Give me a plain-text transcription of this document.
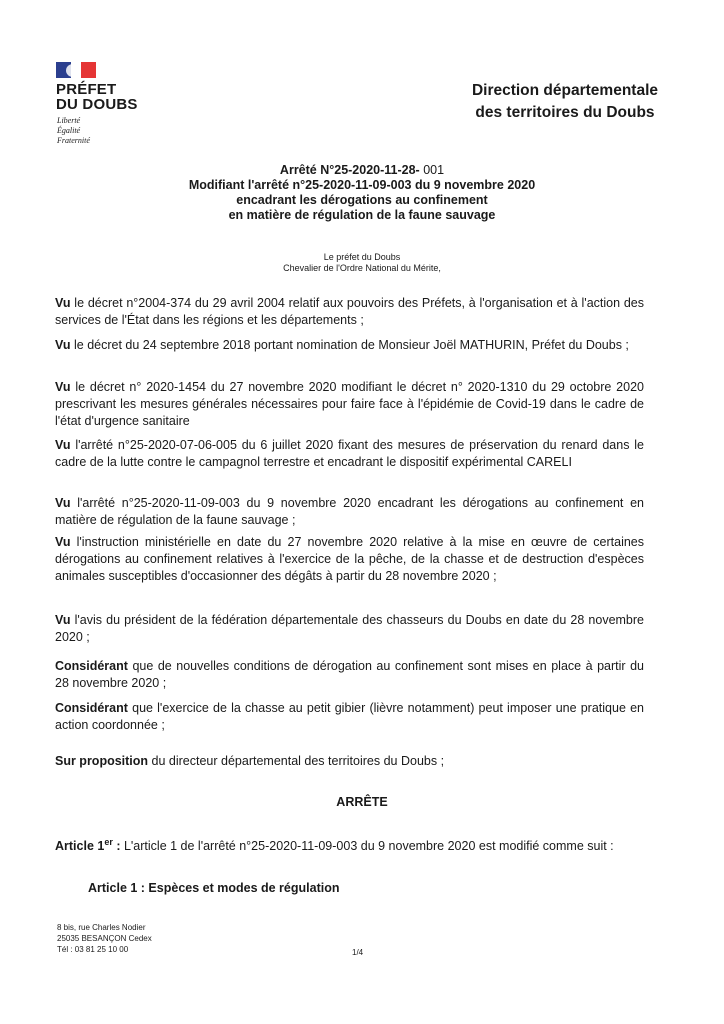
PRÉFET
DU DOUBS
Liberté
Égalité
Fraternité
Direction départementale
des territoires du Doubs
Arrêté N°25-2020-11-28- 001
Modifiant l'arrêté n°25-2020-11-09-003 du 9 novembre 2020
encadrant les dérogations au confinement
en matière de régulation de la faune sauvage
Le préfet du Doubs
Chevalier de l'Ordre National du Mérite,
Vu le décret n°2004-374 du 29 avril 2004 relatif aux pouvoirs des Préfets, à l'organisation et à l'action des services de l'État dans les régions et les départements ;
Vu le décret du 24 septembre 2018 portant nomination de Monsieur Joël MATHURIN, Préfet du Doubs ;
Vu le décret n° 2020-1454 du 27 novembre 2020 modifiant le décret n° 2020-1310 du 29 octobre 2020 prescrivant les mesures générales nécessaires pour faire face à l'épidémie de Covid-19 dans le cadre de l'état d'urgence sanitaire
Vu l'arrêté n°25-2020-07-06-005 du 6 juillet 2020 fixant des mesures de préservation du renard dans le cadre de la lutte contre le campagnol terrestre et encadrant le dispositif expérimental CARELI
Vu l'arrêté n°25-2020-11-09-003 du 9 novembre 2020 encadrant les dérogations au confinement en matière de régulation de la faune sauvage ;
Vu l'instruction ministérielle en date du 27 novembre 2020 relative à la mise en œuvre de certaines dérogations au confinement relatives à l'exercice de la pêche, de la chasse et de destruction d'espèces animales susceptibles d'occasionner des dégâts à partir du 28 novembre 2020 ;
Vu l'avis du président de la fédération départementale des chasseurs du Doubs en date du 28 novembre 2020 ;
Considérant que de nouvelles conditions de dérogation au confinement sont mises en place à partir du 28 novembre 2020 ;
Considérant que l'exercice de la chasse au petit gibier (lièvre notamment) peut imposer une pratique en action coordonnée ;
Sur proposition du directeur départemental des territoires du Doubs ;
ARRÊTE
Article 1er : L'article 1 de l'arrêté n°25-2020-11-09-003 du 9 novembre 2020 est modifié comme suit :
Article 1 : Espèces et modes de régulation
8 bis, rue Charles Nodier
25035 BESANÇON Cedex
Tél : 03 81 25 10 00	1/4
